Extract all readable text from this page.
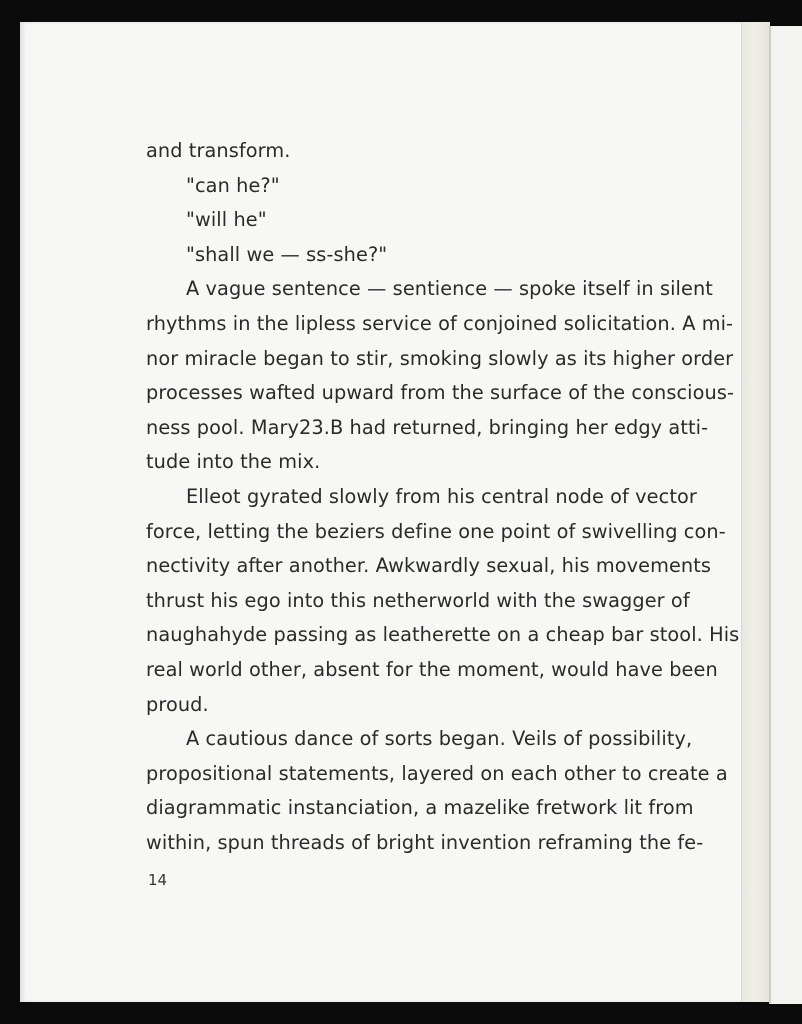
and transform.
"can he?"
"will he"
"shall we — ss-she?"
A vague sentence — sentience — spoke itself in silent
rhythms in the lipless service of conjoined solicitation. A mi-
nor miracle began to stir, smoking slowly as its higher order
processes wafted upward from the surface of the conscious-
ness pool. Mary23.B had returned, bringing her edgy atti-
tude into the mix.
Elleot gyrated slowly from his central node of vector
force, letting the beziers define one point of swivelling con-
nectivity after another. Awkwardly sexual, his movements
thrust his ego into this netherworld with the swagger of
naughahyde passing as leatherette on a cheap bar stool. His
real world other, absent for the moment, would have been
proud.
A cautious dance of sorts began. Veils of possibility,
propositional statements, layered on each other to create a
diagrammatic instanciation, a mazelike fretwork lit from
within, spun threads of bright invention reframing the fe-
14
